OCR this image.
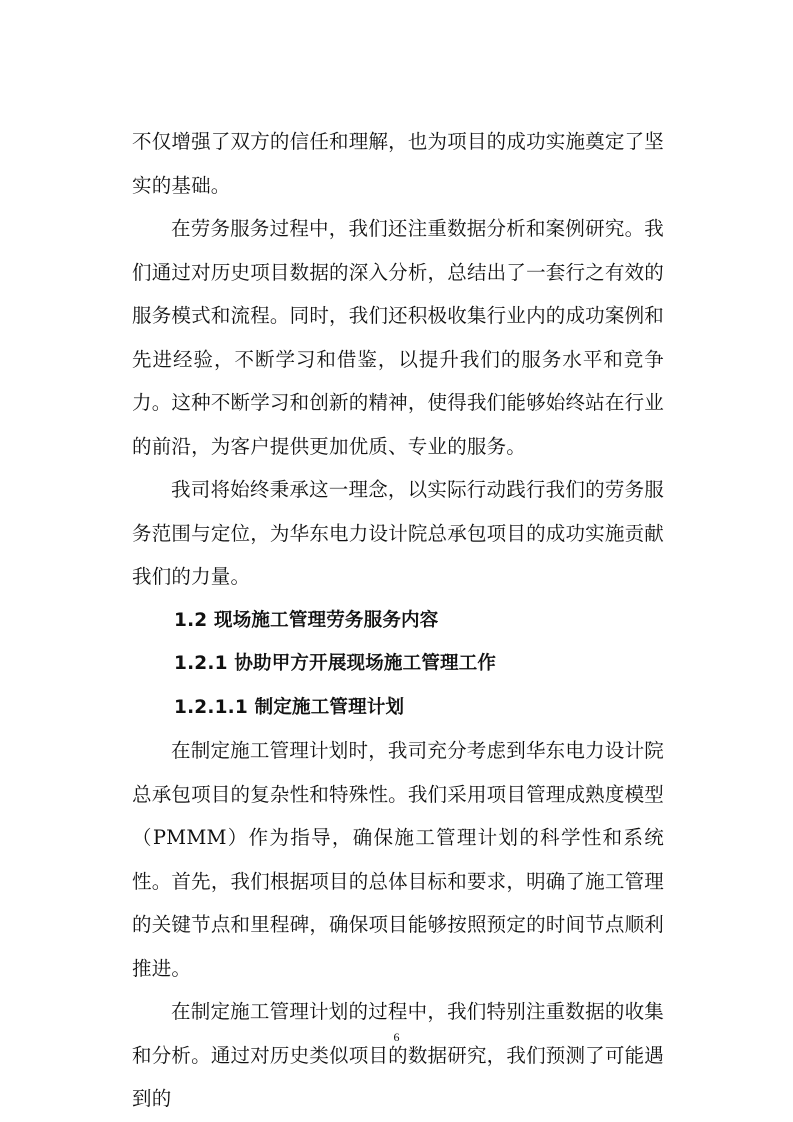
不仅增强了双方的信任和理解，也为项目的成功实施奠定了坚实的基础。

在劳务服务过程中，我们还注重数据分析和案例研究。我们通过对历史项目数据的深入分析，总结出了一套行之有效的服务模式和流程。同时，我们还积极收集行业内的成功案例和先进经验，不断学习和借鉴，以提升我们的服务水平和竞争力。这种不断学习和创新的精神，使得我们能够始终站在行业的前沿，为客户提供更加优质、专业的服务。

我司将始终秉承这一理念，以实际行动践行我们的劳务服务范围与定位，为华东电力设计院总承包项目的成功实施贡献我们的力量。

1.2 现场施工管理劳务服务内容

1.2.1 协助甲方开展现场施工管理工作

1.2.1.1 制定施工管理计划

在制定施工管理计划时，我司充分考虑到华东电力设计院总承包项目的复杂性和特殊性。我们采用项目管理成熟度模型（PMMM）作为指导，确保施工管理计划的科学性和系统性。首先，我们根据项目的总体目标和要求，明确了施工管理的关键节点和里程碑，确保项目能够按照预定的时间节点顺利推进。

在制定施工管理计划的过程中，我们特别注重数据的收集和分析。通过对历史类似项目的数据研究，我们预测了可能遇到的

6
